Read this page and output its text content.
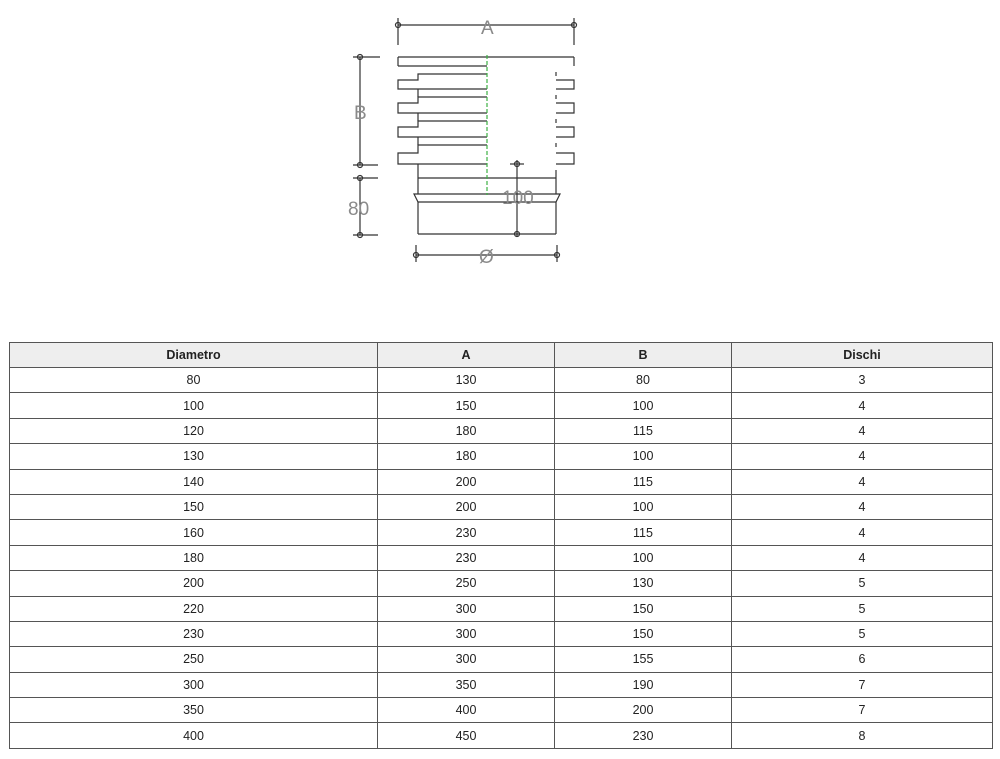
A
B
80
100
Ø
Diametro	A	B	Dischi
80	130	80	3
100	150	100	4
120	180	115	4
130	180	100	4
140	200	115	4
150	200	100	4
160	230	115	4
180	230	100	4
200	250	130	5
220	300	150	5
230	300	150	5
250	300	155	6
300	350	190	7
350	400	200	7
400	450	230	8
